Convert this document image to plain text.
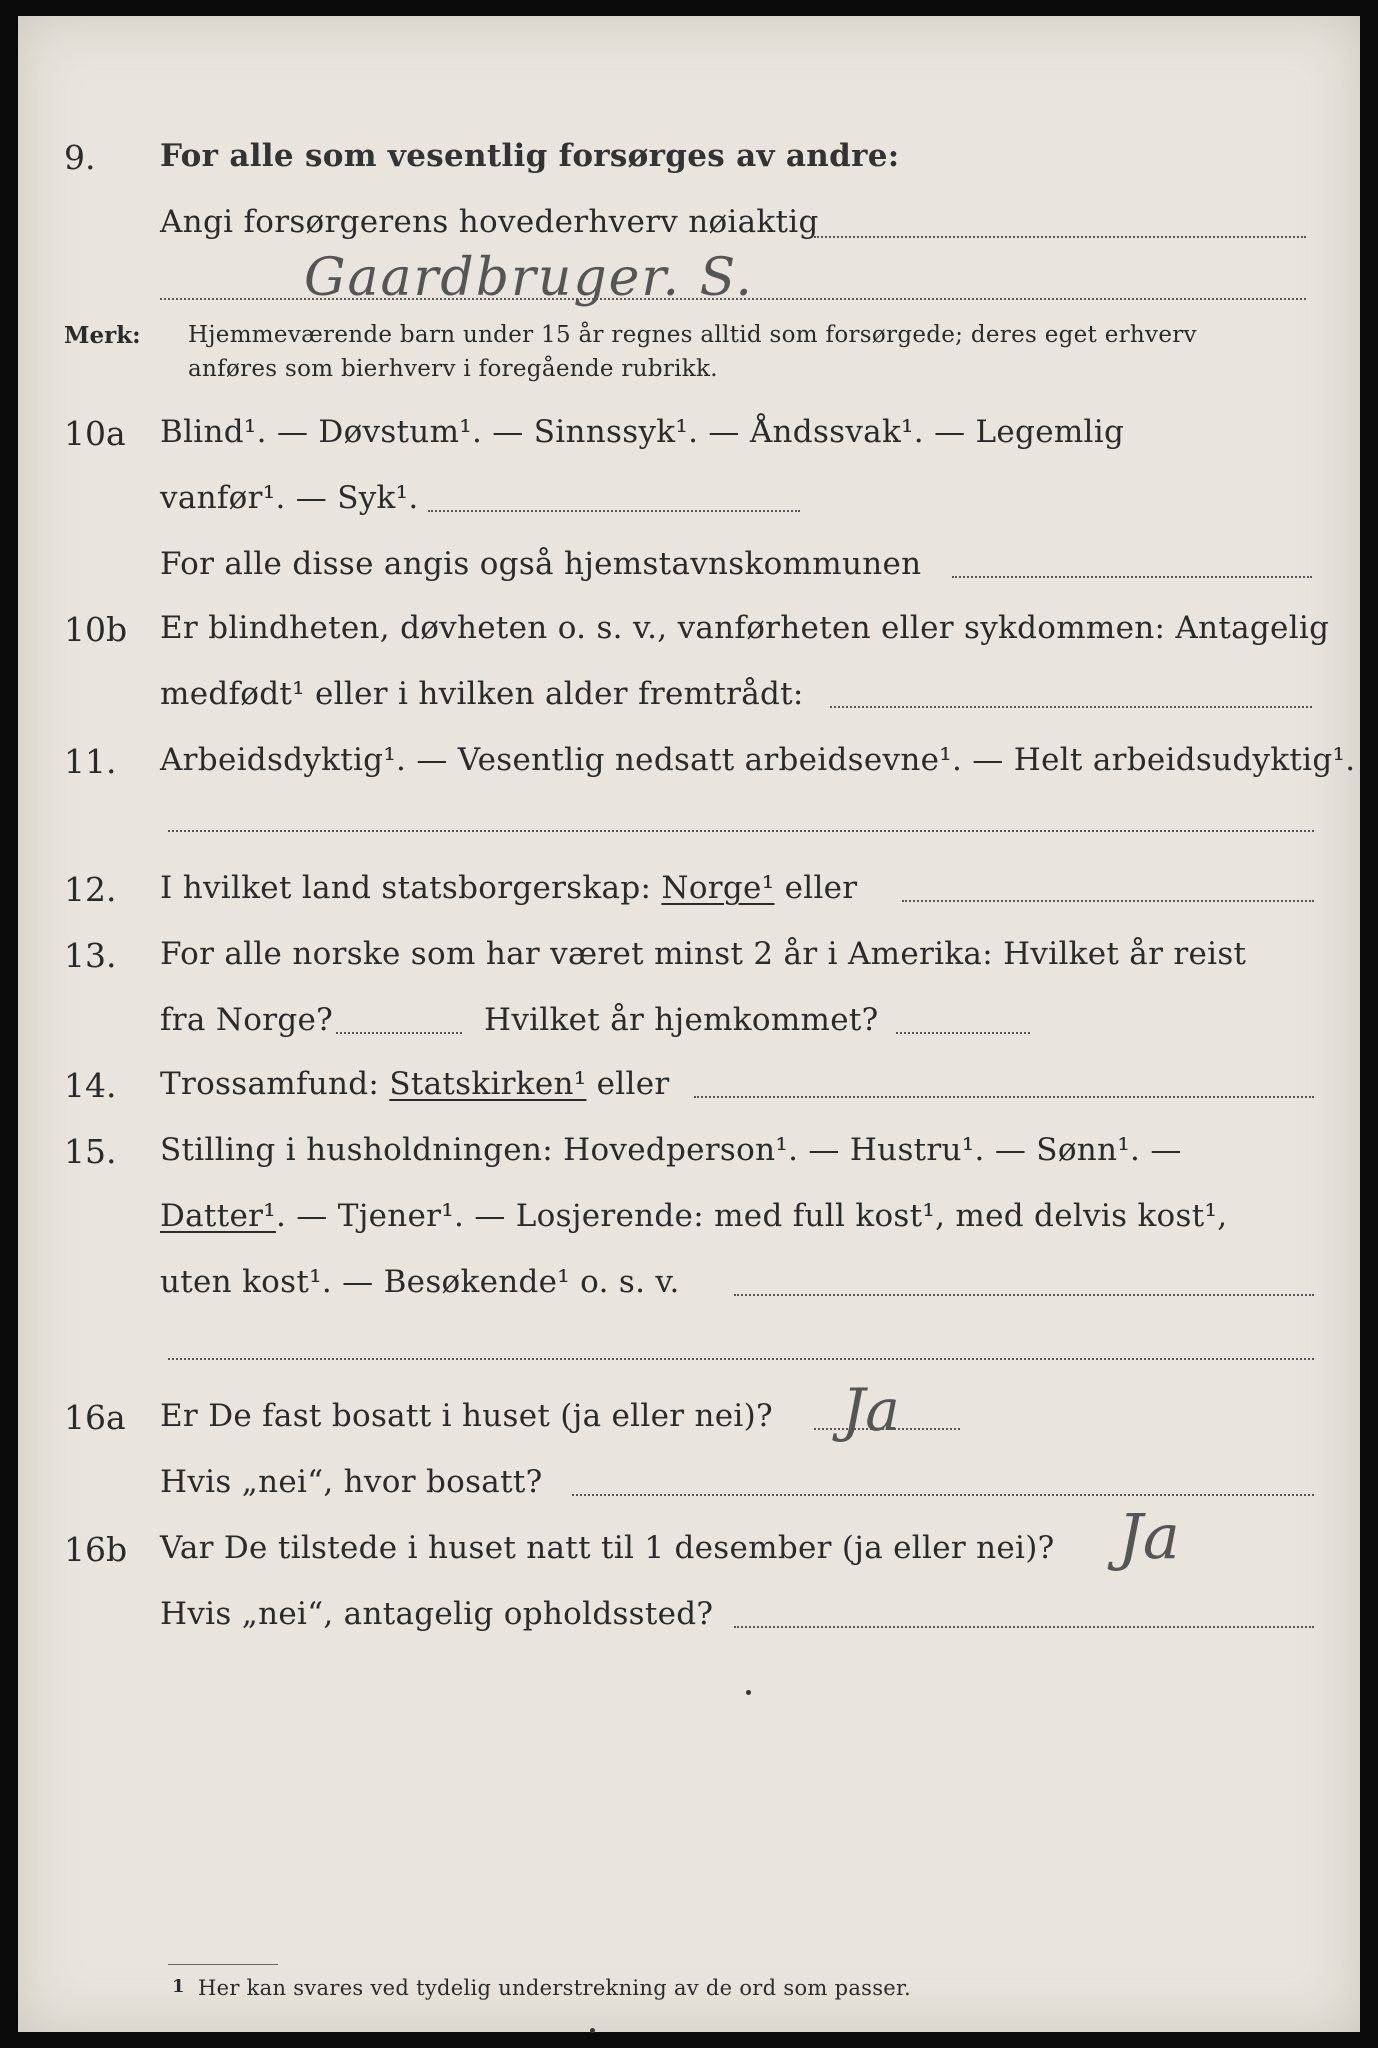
9. For alle som vesentlig forsørges av andre:
Angi forsørgerens hovederhverv nøiaktig
Gaardbruger. S.
Merk: Hjemmeværende barn under 15 år regnes alltid som forsørgede; deres eget erhverv
anføres som bierhverv i foregående rubrikk.
10a Blind¹. — Døvstum¹. — Sinnssyk¹. — Åndssvak¹. — Legemlig
vanfør¹. — Syk¹.
For alle disse angis også hjemstavnskommunen
10b Er blindheten, døvheten o. s. v., vanførheten eller sykdommen: Antagelig
medfødt¹ eller i hvilken alder fremtrådt:
11. Arbeidsdyktig¹. — Vesentlig nedsatt arbeidsevne¹. — Helt arbeidsudyktig¹.
12. I hvilket land statsborgerskap: Norge¹ eller
13. For alle norske som har været minst 2 år i Amerika: Hvilket år reist
fra Norge?	Hvilket år hjemkommet?
14. Trossamfund: Statskirken¹ eller
15. Stilling i husholdningen: Hovedperson¹. — Hustru¹. — Sønn¹. —
Datter¹. — Tjener¹. — Losjerende: med full kost¹, med delvis kost¹,
uten kost¹. — Besøkende¹ o. s. v.
16a Er De fast bosatt i huset (ja eller nei)? Ja
Hvis „nei“, hvor bosatt?
16b Var De tilstede i huset natt til 1 desember (ja eller nei)? Ja
Hvis „nei“, antagelig opholdssted?
1 Her kan svares ved tydelig understrekning av de ord som passer.
